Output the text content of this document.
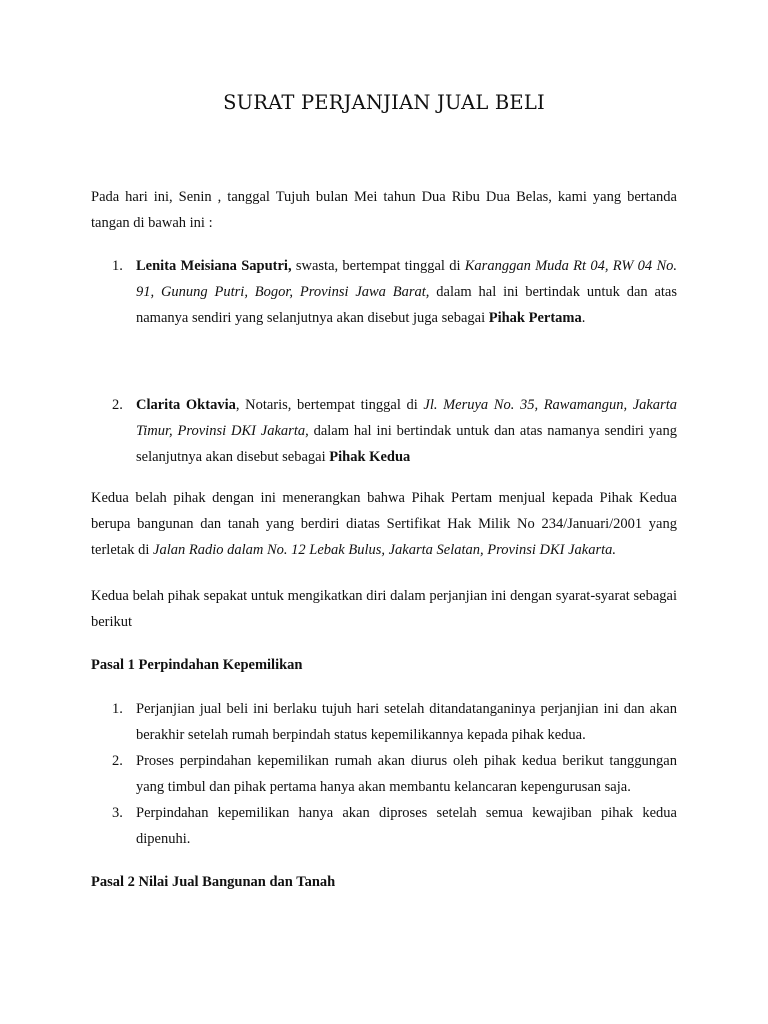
SURAT PERJANJIAN JUAL BELI

Pada hari ini, Senin , tanggal Tujuh bulan Mei tahun Dua Ribu Dua Belas, kami yang bertanda tangan di bawah ini :

1. Lenita Meisiana Saputri, swasta, bertempat tinggal di Karanggan Muda Rt 04, RW 04 No. 91, Gunung Putri, Bogor, Provinsi Jawa Barat, dalam hal ini bertindak untuk dan atas namanya sendiri yang selanjutnya akan disebut juga sebagai Pihak Pertama.

2. Clarita Oktavia, Notaris, bertempat tinggal di Jl. Meruya No. 35, Rawamangun, Jakarta Timur, Provinsi DKI Jakarta, dalam hal ini bertindak untuk dan atas namanya sendiri yang selanjutnya akan disebut sebagai Pihak Kedua

Kedua belah pihak dengan ini menerangkan bahwa Pihak Pertam menjual kepada Pihak Kedua berupa bangunan dan tanah yang berdiri diatas Sertifikat Hak Milik No 234/Januari/2001 yang terletak di Jalan Radio dalam No. 12 Lebak Bulus, Jakarta Selatan, Provinsi DKI Jakarta.

Kedua belah pihak sepakat untuk mengikatkan diri dalam perjanjian ini dengan syarat-syarat sebagai berikut

Pasal 1 Perpindahan Kepemilikan

1. Perjanjian jual beli ini berlaku tujuh hari setelah ditandatanganinya perjanjian ini dan akan berakhir setelah rumah berpindah status kepemilikannya kepada pihak kedua.

2. Proses perpindahan kepemilikan rumah akan diurus oleh pihak kedua berikut tanggungan yang timbul dan pihak pertama hanya akan membantu kelancaran kepengurusan saja.

3. Perpindahan kepemilikan hanya akan diproses setelah semua kewajiban pihak kedua dipenuhi.

Pasal 2 Nilai Jual Bangunan dan Tanah
